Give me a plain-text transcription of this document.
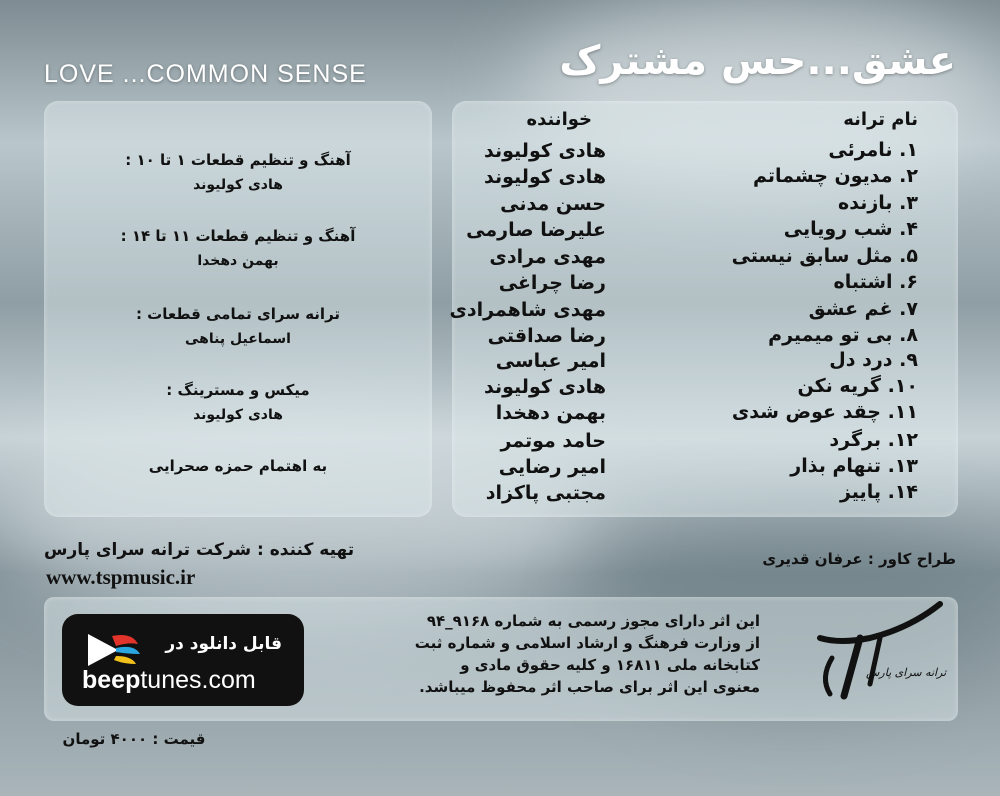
عشق...حس مشترک
LOVE ...COMMON SENSE
نام ترانه
خواننده
۱. نامرئی
هادی کولیوند
۲. مدیون چشماتم
هادی کولیوند
۳. بازنده
حسن مدنی
۴. شب رویایی
علیرضا صارمی
۵. مثل سابق نیستی
مهدی مرادی
۶. اشتباه
رضا چراغی
۷. غم عشق
مهدی شاهمرادی
۸. بی تو میمیرم
رضا صداقتی
۹. درد دل
امیر عباسی
۱۰. گریه نکن
هادی کولیوند
۱۱. چقد عوض شدی
بهمن دهخدا
۱۲. برگرد
حامد موتمر
۱۳. تنهام بذار
امیر رضایی
۱۴. پاییز
مجتبی پاکزاد
آهنگ و تنظیم قطعات ۱ تا ۱۰ :
هادی کولیوند
آهنگ و تنظیم قطعات ۱۱ تا ۱۴ :
بهمن دهخدا
ترانه سرای تمامی قطعات :
اسماعیل پناهی
میکس و مسترینگ :
هادی کولیوند
به اهتمام حمزه صحرایی
تهیه کننده : شرکت ترانه سرای پارس
www.tspmusic.ir
طراح کاور : عرفان قدیری
قابل دانلود در
beeptunes.com
این اثر دارای مجوز رسمی به شماره ۹۱۶۸_۹۴
از وزارت فرهنگ و ارشاد اسلامی و شماره ثبت
کتابخانه ملی ۱۶۸۱۱ و کلیه حقوق مادی و
معنوی این اثر برای صاحب اثر محفوظ میباشد.
ترانه سرای پارس
قیمت : ۴۰۰۰ تومان
